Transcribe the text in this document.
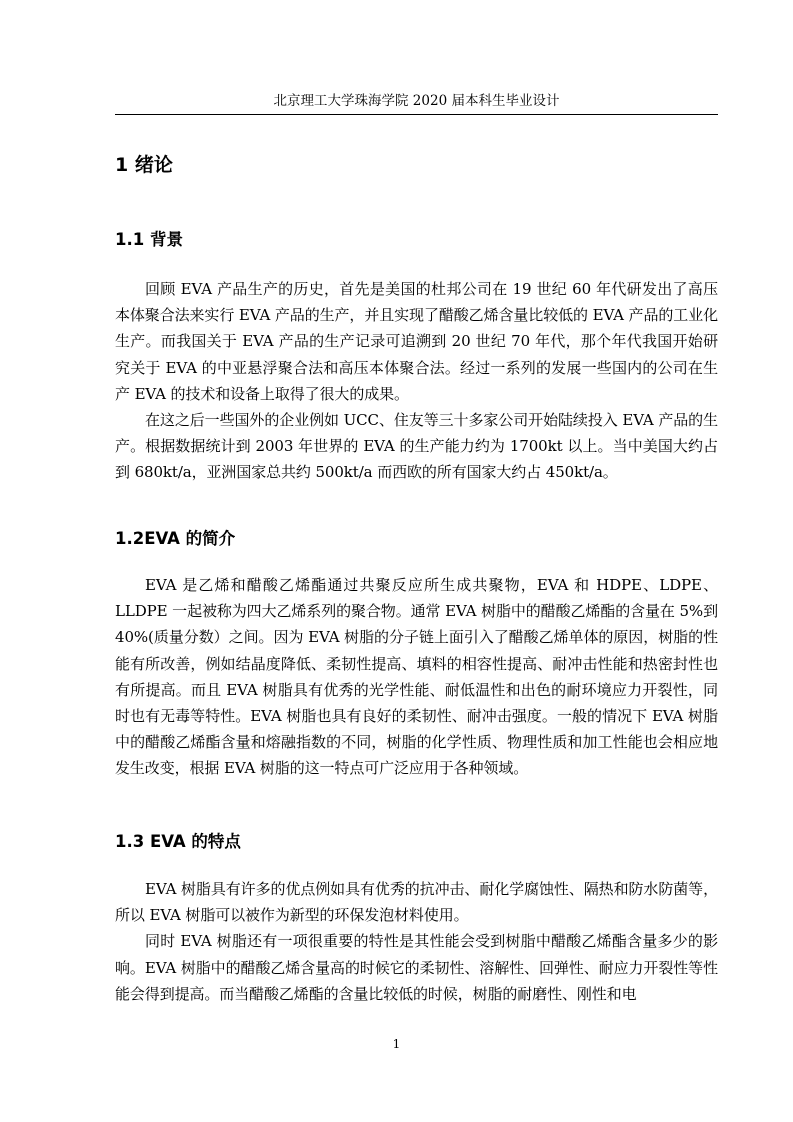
北京理工大学珠海学院 2020 届本科生毕业设计
1 绪论
1.1 背景

回顾 EVA 产品生产的历史，首先是美国的杜邦公司在 19 世纪 60 年代研发出了高压本体聚合法来实行 EVA 产品的生产，并且实现了醋酸乙烯含量比较低的 EVA 产品的工业化生产。而我国关于 EVA 产品的生产记录可追溯到 20 世纪 70 年代，那个年代我国开始研究关于 EVA 的中亚悬浮聚合法和高压本体聚合法。经过一系列的发展一些国内的公司在生产 EVA 的技术和设备上取得了很大的成果。

在这之后一些国外的企业例如 UCC、住友等三十多家公司开始陆续投入 EVA 产品的生产。根据数据统计到 2003 年世界的 EVA 的生产能力约为 1700kt 以上。当中美国大约占到 680kt/a，亚洲国家总共约 500kt/a 而西欧的所有国家大约占 450kt/a。

1.2EVA 的简介

EVA 是乙烯和醋酸乙烯酯通过共聚反应所生成共聚物，EVA 和 HDPE、LDPE、LLDPE 一起被称为四大乙烯系列的聚合物。通常 EVA 树脂中的醋酸乙烯酯的含量在 5%到 40%(质量分数）之间。因为 EVA 树脂的分子链上面引入了醋酸乙烯单体的原因，树脂的性能有所改善，例如结晶度降低、柔韧性提高、填料的相容性提高、耐冲击性能和热密封性也有所提高。而且 EVA 树脂具有优秀的光学性能、耐低温性和出色的耐环境应力开裂性，同时也有无毒等特性。EVA 树脂也具有良好的柔韧性、耐冲击强度。一般的情况下 EVA 树脂中的醋酸乙烯酯含量和熔融指数的不同，树脂的化学性质、物理性质和加工性能也会相应地发生改变，根据 EVA 树脂的这一特点可广泛应用于各种领域。

1.3 EVA 的特点

EVA 树脂具有许多的优点例如具有优秀的抗冲击、耐化学腐蚀性、隔热和防水防菌等，所以 EVA 树脂可以被作为新型的环保发泡材料使用。

同时 EVA 树脂还有一项很重要的特性是其性能会受到树脂中醋酸乙烯酯含量多少的影响。EVA 树脂中的醋酸乙烯含量高的时候它的柔韧性、溶解性、回弹性、耐应力开裂性等性能会得到提高。而当醋酸乙烯酯的含量比较低的时候，树脂的耐磨性、刚性和电

1
